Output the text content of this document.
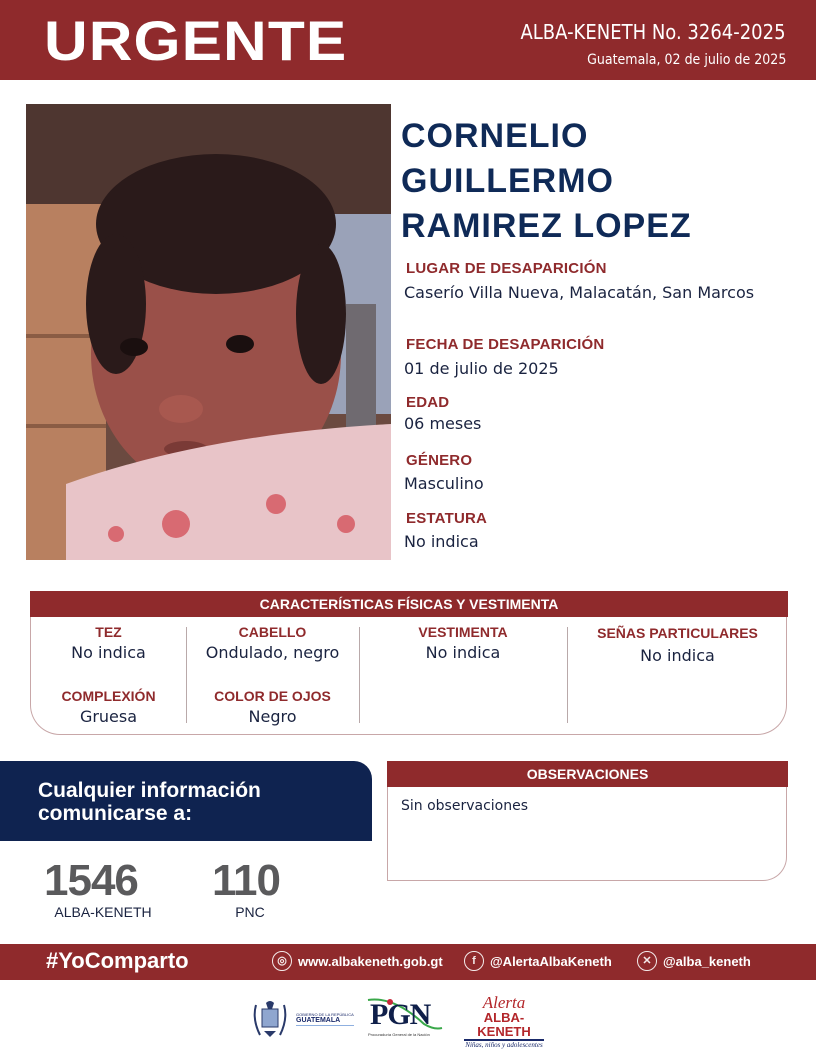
URGENTE	ALBA-KENETH No. 3264-2025
Guatemala, 02 de julio de 2025
CORNELIO
GUILLERMO
RAMIREZ LOPEZ
LUGAR DE DESAPARICIÓN
Caserío Villa Nueva, Malacatán, San Marcos
FECHA DE DESAPARICIÓN
01 de julio de 2025
EDAD
06 meses
GÉNERO
Masculino
ESTATURA
No indica
CARACTERÍSTICAS FÍSICAS Y VESTIMENTA
TEZ
No indica
CABELLO
Ondulado, negro
VESTIMENTA
No indica
SEÑAS PARTICULARES
No indica
COMPLEXIÓN
Gruesa
COLOR DE OJOS
Negro
Cualquier información
comunicarse a:
1546
ALBA-KENETH
110
PNC
OBSERVACIONES
Sin observaciones
#YoComparto	◎ www.albakeneth.gob.gt	f	@AlertaAlbaKeneth	✕ @alba_keneth
GOBIERNO DE LA REPÚBLICA
GUATEMALA PGN
Procuraduría General de la Nación
Alerta
ALBA-KENETH
Niñas, niños y adolescentes
